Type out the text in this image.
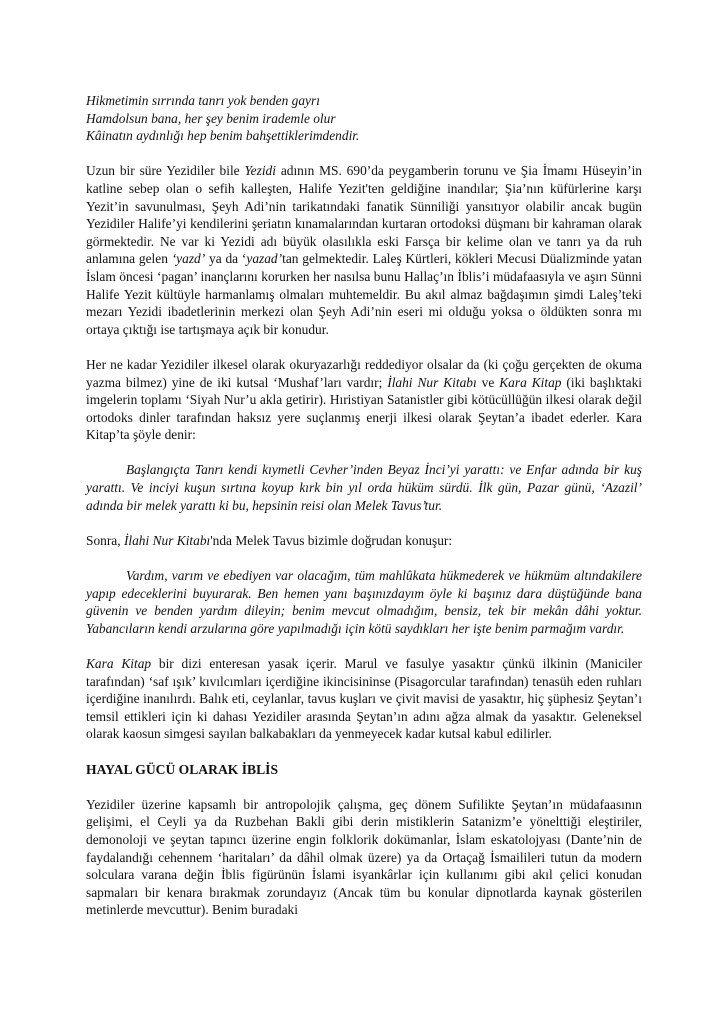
Hikmetimin sırrında tanrı yok benden gayrı

Hamdolsun bana, her şey benim irademle olur

Kâinatın aydınlığı hep benim bahşettiklerimdendir.

Uzun bir süre Yezidiler bile Yezidi adının MS. 690’da peygamberin torunu ve Şia İmamı Hüseyin’in katline sebep olan o sefih kalleşten, Halife Yezit'ten geldiğine inandılar; Şia’nın küfürlerine karşı Yezit’in savunulması, Şeyh Adi’nin tarikatındaki fanatik Sünniliği yansıtıyor olabilir ancak bugün Yezidiler Halife’yi kendilerini şeriatın kınamalarından kurtaran ortodoksi düşmanı bir kahraman olarak görmektedir. Ne var ki Yezidi adı büyük olasılıkla eski Farsça bir kelime olan ve tanrı ya da ruh anlamına gelen ‘yazd’ ya da ‘yazad’tan gelmektedir. Laleş Kürtleri, kökleri Mecusi Düalizminde yatan İslam öncesi ‘pagan’ inançlarını korurken her nasılsa bunu Hallaç’ın İblis’i müdafaasıyla ve aşırı Sünni Halife Yezit kültüyle harmanlamış olmaları muhtemeldir. Bu akıl almaz bağdaşımın şimdi Laleş’teki mezarı Yezidi ibadetlerinin merkezi olan Şeyh Adi’nin eseri mi olduğu yoksa o öldükten sonra mı ortaya çıktığı ise tartışmaya açık bir konudur.

Her ne kadar Yezidiler ilkesel olarak okuryazarlığı reddediyor olsalar da (ki çoğu gerçekten de okuma yazma bilmez) yine de iki kutsal ‘Mushaf’ları vardır; İlahi Nur Kitabı ve Kara Kitap (iki başlıktaki imgelerin toplamı ‘Siyah Nur’u akla getirir). Hıristiyan Satanistler gibi kötücüllüğün ilkesi olarak değil ortodoks dinler tarafından haksız yere suçlanmış enerji ilkesi olarak Şeytan’a ibadet ederler. Kara Kitap’ta şöyle denir:

Başlangıçta Tanrı kendi kıymetli Cevher’inden Beyaz İnci’yi yarattı: ve Enfar adında bir kuş yarattı. Ve inciyi kuşun sırtına koyup kırk bin yıl orda hüküm sürdü. İlk gün, Pazar günü, ‘Azazil’ adında bir melek yarattı ki bu, hepsinin reisi olan Melek Tavus’tur.

Sonra, İlahi Nur Kitabı'nda Melek Tavus bizimle doğrudan konuşur:

Vardım, varım ve ebediyen var olacağım, tüm mahlûkata hükmederek ve hükmüm altındakilere yapıp edeceklerini buyurarak. Ben hemen yanı başınızdayım öyle ki başınız dara düştüğünde bana güvenin ve benden yardım dileyin; benim mevcut olmadığım, bensiz, tek bir mekân dâhi yoktur. Yabancıların kendi arzularına göre yapılmadığı için kötü saydıkları her işte benim parmağım vardır.

Kara Kitap bir dizi enteresan yasak içerir. Marul ve fasulye yasaktır çünkü ilkinin (Maniciler tarafından) ‘saf ışık’ kıvılcımları içerdiğine ikincisininse (Pisagorcular tarafından) tenasüh eden ruhları içerdiğine inanılırdı. Balık eti, ceylanlar, tavus kuşları ve çivit mavisi de yasaktır, hiç şüphesiz Şeytan’ı temsil ettikleri için ki dahası Yezidiler arasında Şeytan’ın adını ağza almak da yasaktır. Geleneksel olarak kaosun simgesi sayılan balkabakları da yenmeyecek kadar kutsal kabul edilirler.

HAYAL GÜCÜ OLARAK İBLİS

Yezidiler üzerine kapsamlı bir antropolojik çalışma, geç dönem Sufilikte Şeytan’ın müdafaasının gelişimi, el Ceyli ya da Ruzbehan Bakli gibi derin mistiklerin Satanizm’e yönelttiği eleştiriler, demonoloji ve şeytan tapıncı üzerine engin folklorik dokümanlar, İslam eskatolojyası (Dante’nin de faydalandığı cehennem ‘haritaları’ da dâhil olmak üzere) ya da Ortaçağ İsmailileri tutun da modern solculara varana değin İblis figürünün İslami isyankârlar için kullanımı gibi akıl çelici konudan sapmaları bir kenara bırakmak zorundayız (Ancak tüm bu konular dipnotlarda kaynak gösterilen metinlerde mevcuttur). Benim buradaki
